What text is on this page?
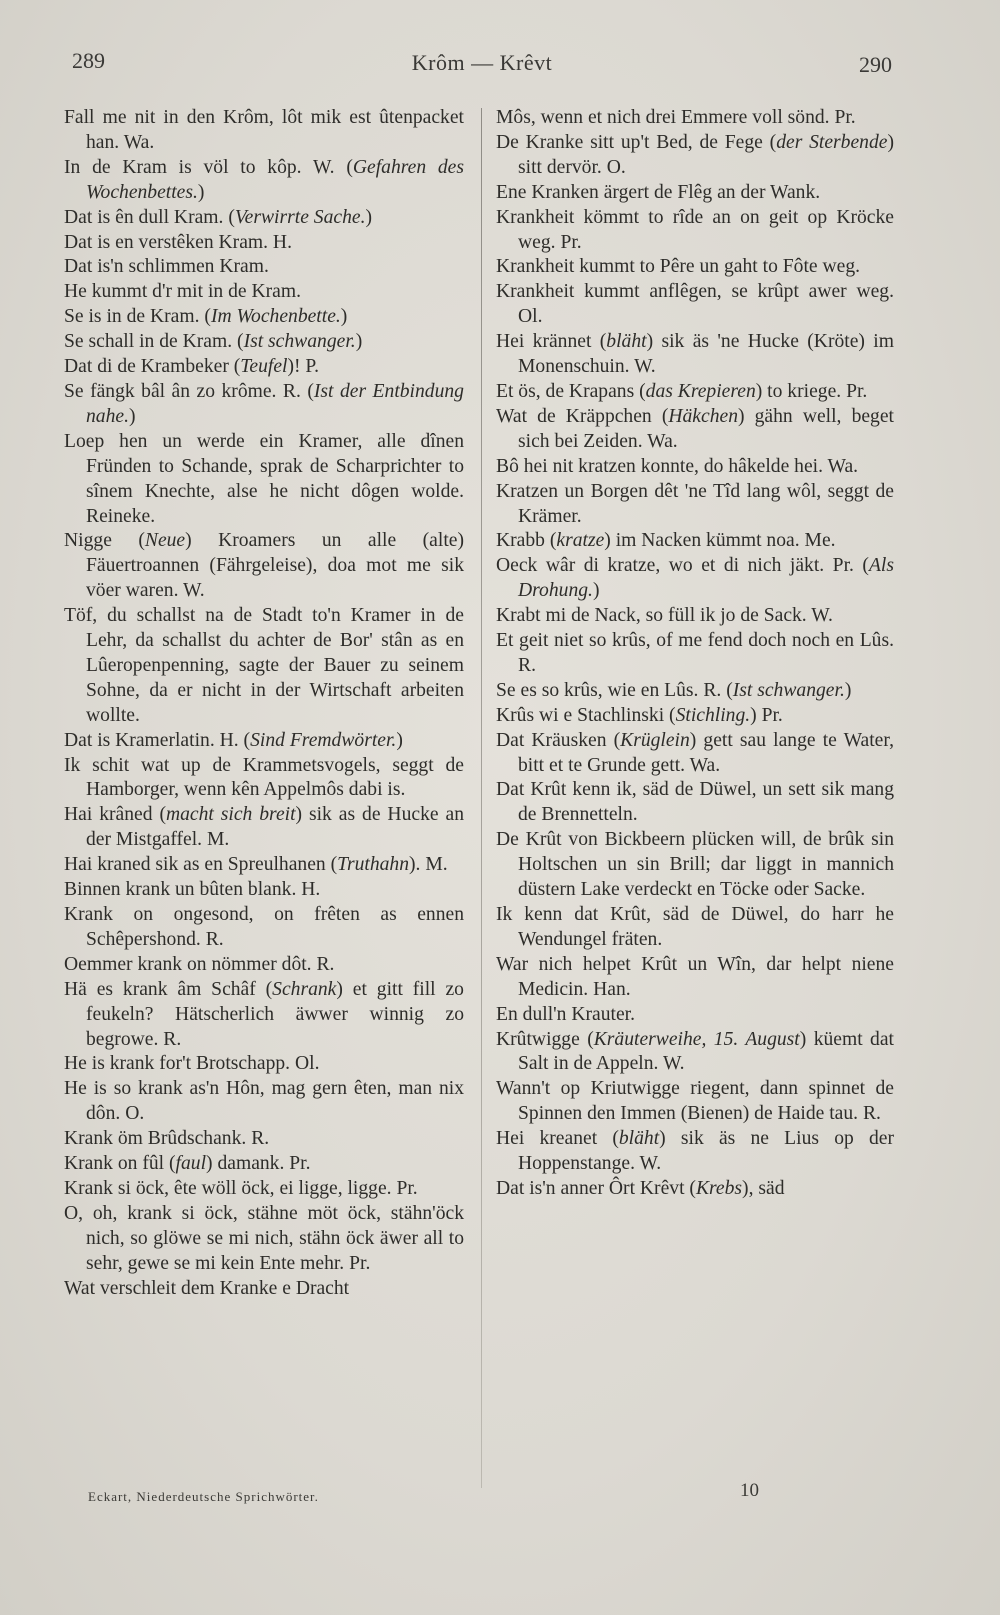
289	Krôm — Krêvt	290
Fall me nit in den Krôm, lôt mik est ûtenpacket han. Wa.
In de Kram is völ to kôp. W. (Gefahren des Wochenbettes.)
Dat is ên dull Kram. (Verwirrte Sache.)
Dat is en verstêken Kram. H.
Dat is'n schlimmen Kram.
He kummt d'r mit in de Kram.
Se is in de Kram. (Im Wochenbette.)
Se schall in de Kram. (Ist schwanger.)
Dat di de Krambeker (Teufel)! P.
Se fängk bâl ân zo krôme. R. (Ist der Entbindung nahe.)
Loep hen un werde ein Kramer, alle dînen Fründen to Schande, sprak de Scharprichter to sînem Knechte, alse he nicht dôgen wolde. Reineke.
Nigge (Neue) Kroamers un alle (alte) Fäuertroannen (Fährgeleise), doa mot me sik vöer waren. W.
Töf, du schallst na de Stadt to'n Kramer in de Lehr, da schallst du achter de Bor' stân as en Lûeropenpenning, sagte der Bauer zu seinem Sohne, da er nicht in der Wirtschaft arbeiten wollte.
Dat is Kramerlatin. H. (Sind Fremdwörter.)
Ik schit wat up de Krammetsvogels, seggt de Hamborger, wenn kên Appelmôs dabi is.
Hai krâned (macht sich breit) sik as de Hucke an der Mistgaffel. M.
Hai kraned sik as en Spreulhanen (Truthahn). M.
Binnen krank un bûten blank. H.
Krank on ongesond, on frêten as ennen Schêpershond. R.
Oemmer krank on nömmer dôt. R.
Hä es krank âm Schâf (Schrank) et gitt fill zo feukeln? Hätscherlich äwwer winnig zo begrowe. R.
He is krank for't Brotschapp. Ol.
He is so krank as'n Hôn, mag gern êten, man nix dôn. O.
Krank öm Brûdschank. R.
Krank on fûl (faul) damank. Pr.
Krank si öck, ête wöll öck, ei ligge, ligge. Pr.
O, oh, krank si öck, stähne möt öck, stähn'öck nich, so glöwe se mi nich, stähn öck äwer all to sehr, gewe se mi kein Ente mehr. Pr.
Wat verschleit dem Kranke e Dracht
Môs, wenn et nich drei Emmere voll sönd. Pr.
De Kranke sitt up't Bed, de Fege (der Sterbende) sitt dervör. O.
Ene Kranken ärgert de Flêg an der Wank.
Krankheit kömmt to rîde an on geit op Kröcke weg. Pr.
Krankheit kummt to Pêre un gaht to Fôte weg.
Krankheit kummt anflêgen, se krûpt awer weg. Ol.
Hei krännet (bläht) sik äs 'ne Hucke (Kröte) im Monenschuin. W.
Et ös, de Krapans (das Krepieren) to kriege. Pr.
Wat de Kräppchen (Häkchen) gähn well, beget sich bei Zeiden. Wa.
Bô hei nit kratzen konnte, do hâkelde hei. Wa.
Kratzen un Borgen dêt 'ne Tîd lang wôl, seggt de Krämer.
Krabb (kratze) im Nacken kümmt noa. Me.
Oeck wâr di kratze, wo et di nich jäkt. Pr. (Als Drohung.)
Krabt mi de Nack, so füll ik jo de Sack. W.
Et geit niet so krûs, of me fend doch noch en Lûs. R.
Se es so krûs, wie en Lûs. R. (Ist schwanger.)
Krûs wi e Stachlinski (Stichling.) Pr.
Dat Kräusken (Krüglein) gett sau lange te Water, bitt et te Grunde gett. Wa.
Dat Krût kenn ik, säd de Düwel, un sett sik mang de Brennetteln.
De Krût von Bickbeern plücken will, de brûk sin Holtschen un sin Brill; dar liggt in mannich düstern Lake verdeckt en Töcke oder Sacke.
Ik kenn dat Krût, säd de Düwel, do harr he Wendungel fräten.
War nich helpet Krût un Wîn, dar helpt niene Medicin. Han.
En dull'n Krauter.
Krûtwigge (Kräuterweihe, 15. August) küemt dat Salt in de Appeln. W.
Wann't op Kriutwigge riegent, dann spinnet de Spinnen den Immen (Bienen) de Haide tau. R.
Hei kreanet (bläht) sik äs ne Lius op der Hoppenstange. W.
Dat is'n anner Ôrt Krêvt (Krebs), säd
Eckart, Niederdeutsche Sprichwörter.	10
